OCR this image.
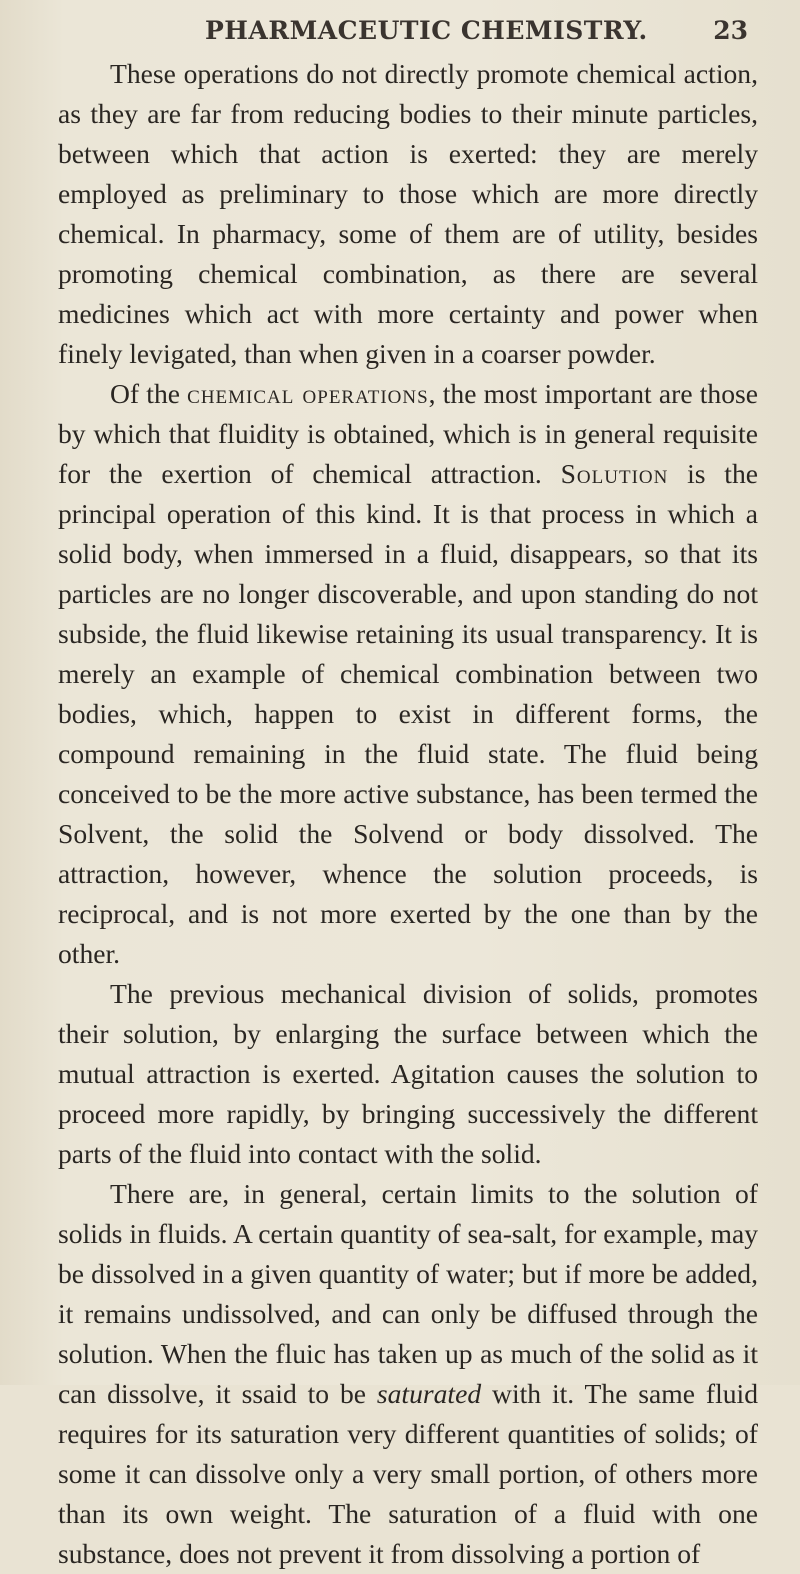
PHARMACEUTIC CHEMISTRY.	23

These operations do not directly promote chemical action, as they are far from reducing bodies to their minute particles, between which that action is exerted: they are merely employed as preliminary to those which are more directly chemical. In pharmacy, some of them are of utility, besides promoting chemical combination, as there are several medicines which act with more certainty and power when finely levigated, than when given in a coarser powder.

Of the chemical operations, the most important are those by which that fluidity is obtained, which is in general requisite for the exertion of chemical attraction. Solution is the principal operation of this kind. It is that process in which a solid body, when immersed in a fluid, disappears, so that its particles are no longer discoverable, and upon standing do not subside, the fluid likewise retaining its usual transparency. It is merely an example of chemical combination between two bodies, which, happen to exist in different forms, the compound remaining in the fluid state. The fluid being conceived to be the more active substance, has been termed the Solvent, the solid the Solvend or body dissolved. The attraction, however, whence the solution proceeds, is reciprocal, and is not more exerted by the one than by the other.

The previous mechanical division of solids, promotes their solution, by enlarging the surface between which the mutual attraction is exerted. Agitation causes the solution to proceed more rapidly, by bringing successively the different parts of the fluid into contact with the solid.

There are, in general, certain limits to the solution of solids in fluids. A certain quantity of sea-salt, for example, may be dissolved in a given quantity of water; but if more be added, it remains undissolved, and can only be diffused through the solution. When the fluic has taken up as much of the solid as it can dissolve, it ssaid to be saturated with it. The same fluid requires for its saturation very different quantities of solids; of some it can dissolve only a very small portion, of others more than its own weight. The saturation of a fluid with one substance, does not prevent it from dissolving a portion of
